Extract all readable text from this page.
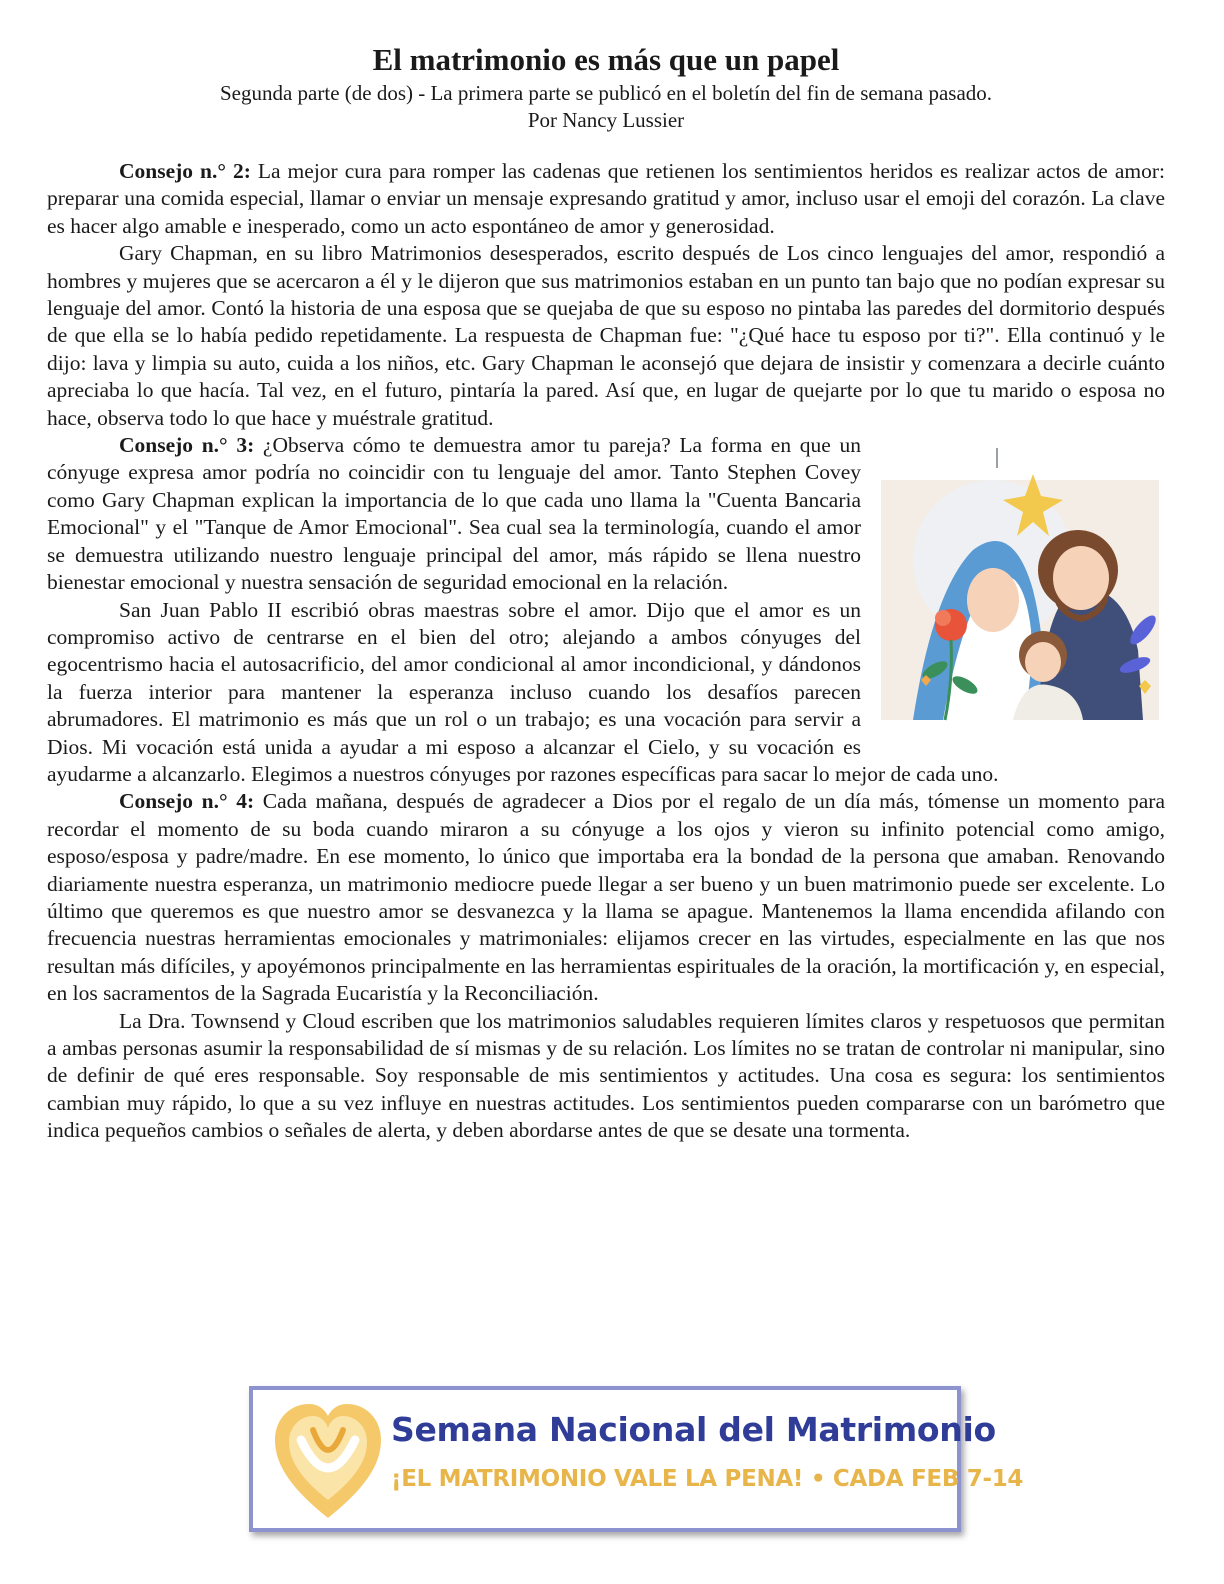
El matrimonio es más que un papel
Segunda parte (de dos) - La primera parte se publicó en el boletín del fin de semana pasado.
Por Nancy Lussier

Consejo n.° 2: La mejor cura para romper las cadenas que retienen los sentimientos heridos es realizar actos de amor: preparar una comida especial, llamar o enviar un mensaje expresando gratitud y amor, incluso usar el emoji del corazón. La clave es hacer algo amable e inesperado, como un acto espontáneo de amor y generosidad.

Gary Chapman, en su libro Matrimonios desesperados, escrito después de Los cinco lenguajes del amor, respondió a hombres y mujeres que se acercaron a él y le dijeron que sus matrimonios estaban en un punto tan bajo que no podían expresar su lenguaje del amor. Contó la historia de una esposa que se quejaba de que su esposo no pintaba las paredes del dormitorio después de que ella se lo había pedido repetidamente. La respuesta de Chapman fue: "¿Qué hace tu esposo por ti?". Ella continuó y le dijo: lava y limpia su auto, cuida a los niños, etc. Gary Chapman le aconsejó que dejara de insistir y comenzara a decirle cuánto apreciaba lo que hacía. Tal vez, en el futuro, pintaría la pared. Así que, en lugar de quejarte por lo que tu marido o esposa no hace, observa todo lo que hace y muéstrale gratitud.

Consejo n.° 3: ¿Observa cómo te demuestra amor tu pareja? La forma en que un cónyuge expresa amor podría no coincidir con tu lenguaje del amor. Tanto Stephen Covey como Gary Chapman explican la importancia de lo que cada uno llama la "Cuenta Bancaria Emocional" y el "Tanque de Amor Emocional". Sea cual sea la terminología, cuando el amor se demuestra utilizando nuestro lenguaje principal del amor, más rápido se llena nuestro bienestar emocional y nuestra sensación de seguridad emocional en la relación.

San Juan Pablo II escribió obras maestras sobre el amor. Dijo que el amor es un compromiso activo de centrarse en el bien del otro; alejando a ambos cónyuges del egocentrismo hacia el autosacrificio, del amor condicional al amor incondicional, y dándonos la fuerza interior para mantener la esperanza incluso cuando los desafíos parecen abrumadores. El matrimonio es más que un rol o un trabajo; es una vocación para servir a Dios. Mi vocación está unida a ayudar a mi esposo a alcanzar el Cielo, y su vocación es ayudarme a alcanzarlo. Elegimos a nuestros cónyuges por razones específicas para sacar lo mejor de cada uno.

Consejo n.° 4: Cada mañana, después de agradecer a Dios por el regalo de un día más, tómense un momento para recordar el momento de su boda cuando miraron a su cónyuge a los ojos y vieron su infinito potencial como amigo, esposo/esposa y padre/madre. En ese momento, lo único que importaba era la bondad de la persona que amaban. Renovando diariamente nuestra esperanza, un matrimonio mediocre puede llegar a ser bueno y un buen matrimonio puede ser excelente. Lo último que queremos es que nuestro amor se desvanezca y la llama se apague. Mantenemos la llama encendida afilando con frecuencia nuestras herramientas emocionales y matrimoniales: elijamos crecer en las virtudes, especialmente en las que nos resultan más difíciles, y apoyémonos principalmente en las herramientas espirituales de la oración, la mortificación y, en especial, en los sacramentos de la Sagrada Eucaristía y la Reconciliación.

La Dra. Townsend y Cloud escriben que los matrimonios saludables requieren límites claros y respetuosos que permitan a ambas personas asumir la responsabilidad de sí mismas y de su relación. Los límites no se tratan de controlar ni manipular, sino de definir de qué eres responsable. Soy responsable de mis sentimientos y actitudes. Una cosa es segura: los sentimientos cambian muy rápido, lo que a su vez influye en nuestras actitudes. Los sentimientos pueden compararse con un barómetro que indica pequeños cambios o señales de alerta, y deben abordarse antes de que se desate una tormenta.

Semana Nacional del Matrimonio
¡EL MATRIMONIO VALE LA PENA! • CADA FEB 7-14
